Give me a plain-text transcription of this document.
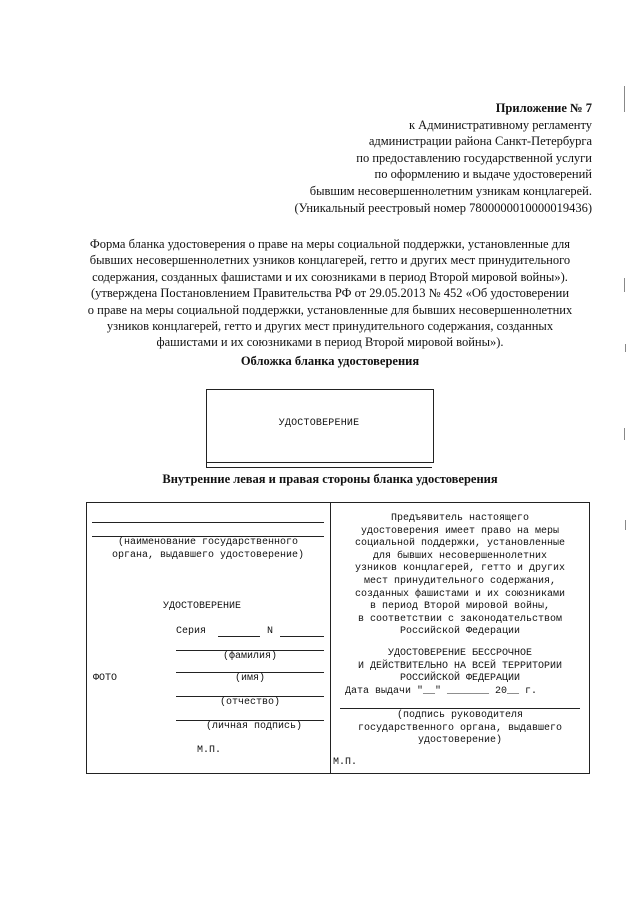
Приложение № 7
к Административному регламенту
администрации района Санкт-Петербурга
по предоставлению государственной услуги
по оформлению и выдаче удостоверений
бывшим несовершеннолетним узникам концлагерей.
(Уникальный реестровый номер 7800000010000019436)
Форма бланка удостоверения о праве на меры социальной поддержки, установленные для
бывших несовершеннолетних узников концлагерей, гетто и других мест принудительного
содержания, созданных фашистами и их союзниками в период Второй мировой войны»).
(утверждена Постановлением Правительства РФ от 29.05.2013 № 452 «Об удостоверении
о праве на меры социальной поддержки, установленные для бывших несовершеннолетних
узников концлагерей, гетто и других мест принудительного содержания, созданных
фашистами и их союзниками в период Второй мировой войны»).
Обложка бланка удостоверения
УДОСТОВЕРЕНИЕ
Внутренние левая и правая стороны бланка удостоверения
(наименование государственного
органа, выдавшего удостоверение)
УДОСТОВЕРЕНИЕ
Серия	N
(фамилия)
ФОТО	(имя)
(отчество)
(личная подпись)
М.П.
Предъявитель настоящего
удостоверения имеет право на меры
социальной поддержки, установленные
для бывших несовершеннолетних
узников концлагерей, гетто и других
мест принудительного содержания,
созданных фашистами и их союзниками
в период Второй мировой войны,
в соответствии с законодательством
Российской Федерации
УДОСТОВЕРЕНИЕ БЕССРОЧНОЕ
И ДЕЙСТВИТЕЛЬНО НА ВСЕЙ ТЕРРИТОРИИ
РОССИЙСКОЙ ФЕДЕРАЦИИ
Дата выдачи "__" _______ 20__ г.
(подпись руководителя
государственного органа, выдавшего
удостоверение)
М.П.
